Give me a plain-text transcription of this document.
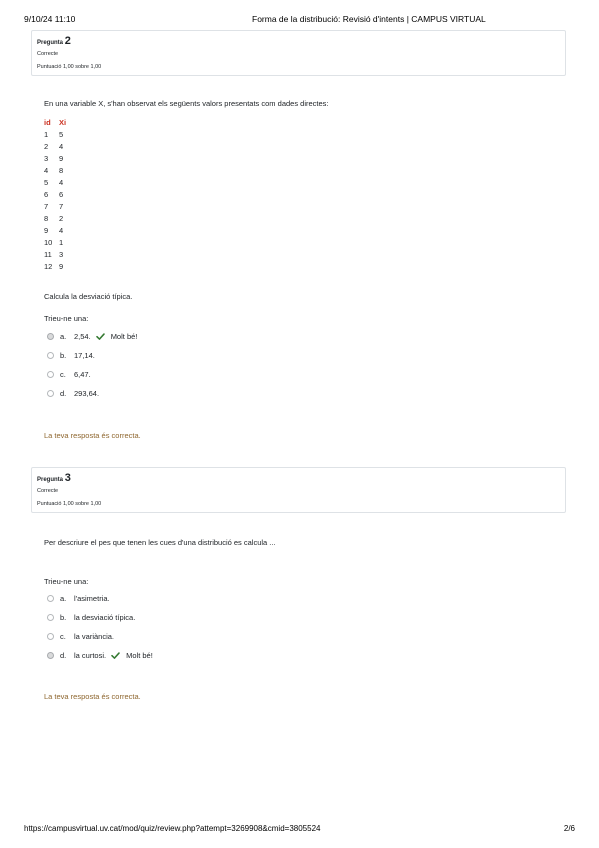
9/10/24 11:10	Forma de la distribució: Revisió d'intents | CAMPUS VIRTUAL
Pregunta 2
Correcte
Puntuació 1,00 sobre 1,00
En una variable X, s'han observat els següents valors presentats com dades directes:
id	Xi
1	5
2	4
3	9
4	8
5	4
6	6
7	7
8	2
9	4
10	1
11	3
12	9
Calcula la desviació típica.
Trieu-ne una:
a.	2,54.	Molt bé!
b.	17,14.
c.	6,47.
d.	293,64.
La teva resposta és correcta.
Pregunta 3
Correcte
Puntuació 1,00 sobre 1,00
Per descriure el pes que tenen les cues d'una distribució es calcula ...
Trieu-ne una:
a.	l'asimetria.
b.	la desviació típica.
c.	la variància.
d.	la curtosi.	Molt bé!
La teva resposta és correcta.
https://campusvirtual.uv.cat/mod/quiz/review.php?attempt=3269908&cmid=3805524	2/6
